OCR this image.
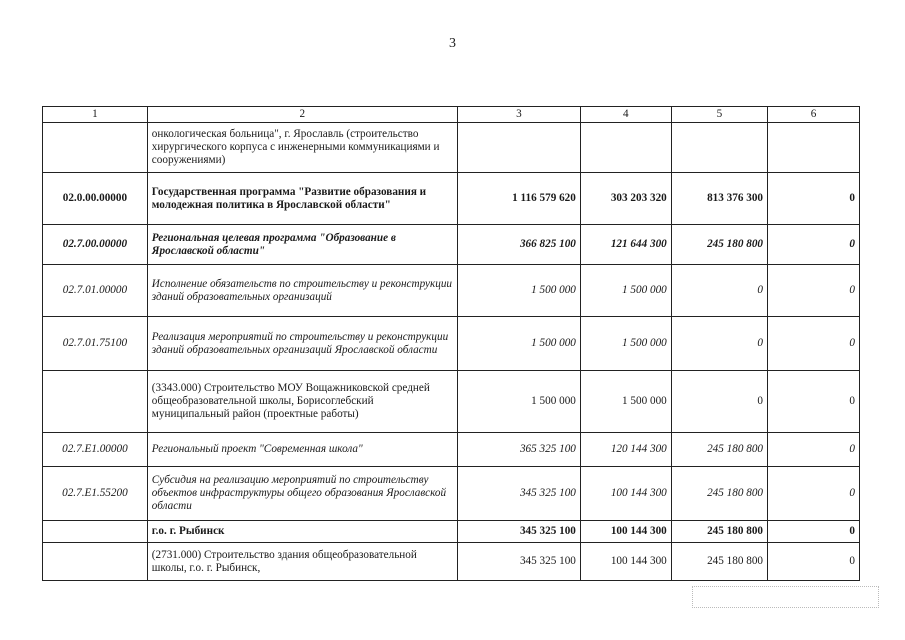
3
1	2	3	4	5	6
	онкологическая больница", г. Ярославль (строительство хирургического корпуса с инженерными коммуникациями и сооружениями)				
02.0.00.00000	Государственная программа "Развитие образования и молодежная политика в Ярославской области"	1 116 579 620	303 203 320	813 376 300	0
02.7.00.00000	Региональная целевая программа "Образование в Ярославской области"	366 825 100	121 644 300	245 180 800	0
02.7.01.00000	Исполнение обязательств по строительству и реконструкции зданий образовательных организаций	1 500 000	1 500 000	0	0
02.7.01.75100	Реализация мероприятий по строительству и реконструкции зданий образовательных организаций Ярославской области	1 500 000	1 500 000	0	0
	(3343.000) Строительство МОУ Вощажниковской средней общеобразовательной школы, Борисоглебский муниципальный район (проектные работы)	1 500 000	1 500 000	0	0
02.7.E1.00000	Региональный проект "Современная школа"	365 325 100	120 144 300	245 180 800	0
02.7.E1.55200	Субсидия на реализацию мероприятий по строительству объектов инфраструктуры общего образования Ярославской области	345 325 100	100 144 300	245 180 800	0
	г.о. г. Рыбинск	345 325 100	100 144 300	245 180 800	0
	(2731.000) Строительство здания общеобразовательной школы, г.о. г. Рыбинск,	345 325 100	100 144 300	245 180 800	0
